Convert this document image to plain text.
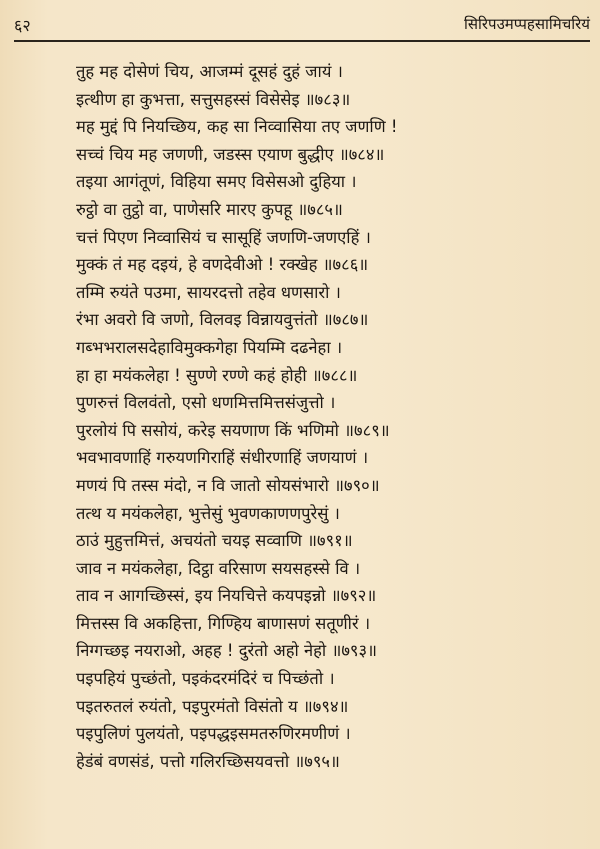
६२	सिरिपउमप्पहसामिचरियं
तुह मह दोसेणं चिय, आजम्मं दूसहं दुहं जायं ।
इत्थीण हा कुभत्ता, सत्तुसहस्सं विसेसेइ ॥७८३॥
मह मुद्दं पि नियच्छिय, कह सा निव्वासिया तए जणणि !
सच्चं चिय मह जणणी, जडस्स एयाण बुद्धीए ॥७८४॥
तइया आगंतूणं, विहिया समए विसेसओ दुहिया ।
रुट्ठो वा तुट्ठो वा, पाणेसरि मारए कुपहू ॥७८५॥
चत्तं पिएण निव्वासियं च सासूहिं जणणि-जणएहिं ।
मुक्कं तं मह दइयं, हे वणदेवीओ ! रक्खेह ॥७८६॥
तम्मि रुयंते पउमा, सायरदत्तो तहेव धणसारो ।
रंभा अवरो वि जणो, विलवइ विन्नायवुत्तंतो ॥७८७॥
गब्भभरालसदेहाविमुक्कगेहा पियम्मि दढनेहा ।
हा हा मयंकलेहा ! सुण्णे रण्णे कहं होही ॥७८८॥
पुणरुत्तं विलवंतो, एसो धणमित्तमित्तसंजुत्तो ।
पुरलोयं पि ससोयं, करेइ सयणाण किं भणिमो ॥७८९॥
भवभावणाहिं गरुयणगिराहिं संधीरणाहिं जणयाणं ।
मणयं पि तस्स मंदो, न वि जातो सोयसंभारो ॥७९०॥
तत्थ य मयंकलेहा, भुत्तेसुं भुवणकाणणपुरेसुं ।
ठाउं मुहुत्तमित्तं, अचयंतो चयइ सव्वाणि ॥७९१॥
जाव न मयंकलेहा, दिट्ठा वरिसाण सयसहस्से वि ।
ताव न आगच्छिस्सं, इय नियचित्ते कयपइन्नो ॥७९२॥
मित्तस्स वि अकहित्ता, गिण्हिय बाणासणं सतूणीरं ।
निग्गच्छइ नयराओ, अहह ! दुरंतो अहो नेहो ॥७९३॥
पइपहियं पुच्छंतो, पइकंदरमंदिरं च पिच्छंतो ।
पइतरुतलं रुयंतो, पइपुरमंतो विसंतो य ॥७९४॥
पइपुलिणं पुलयंतो, पइपद्धइसमतरुणिरमणीणं ।
हेडंबं वणसंडं, पत्तो गलिरच्छिसयवत्तो ॥७९५॥
